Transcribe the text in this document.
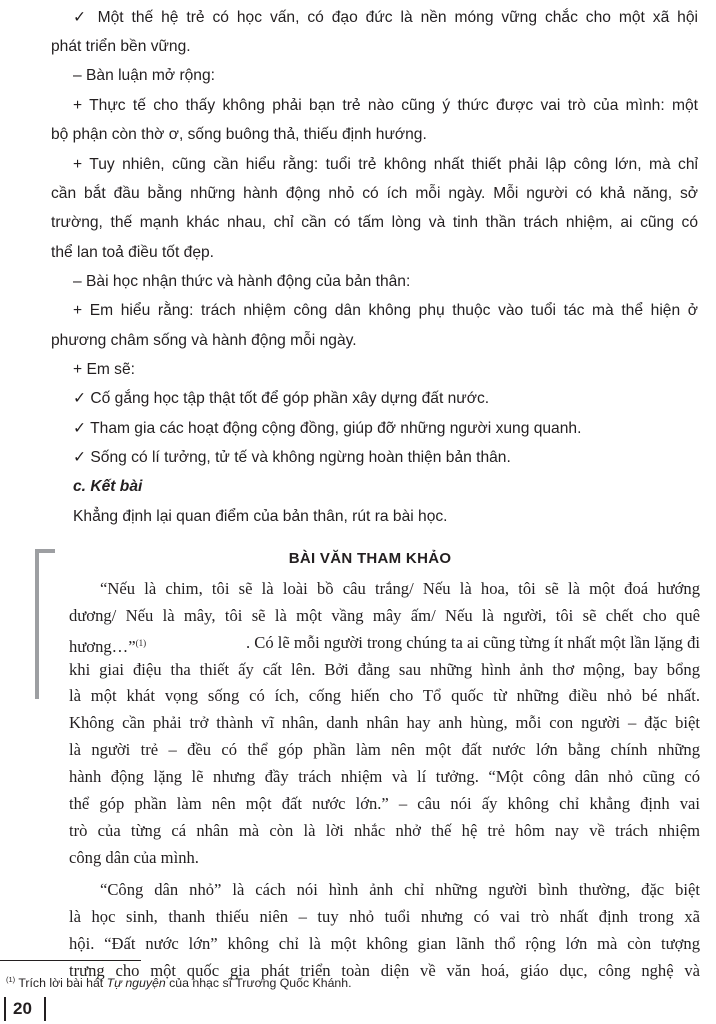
✓ Một thế hệ trẻ có học vấn, có đạo đức là nền móng vững chắc cho một xã hội
phát triển bền vững.
– Bàn luận mở rộng:
+ Thực tế cho thấy không phải bạn trẻ nào cũng ý thức được vai trò của mình: một
bộ phận còn thờ ơ, sống buông thả, thiếu định hướng.
+ Tuy nhiên, cũng cần hiểu rằng: tuổi trẻ không nhất thiết phải lập công lớn, mà chỉ
cần bắt đầu bằng những hành động nhỏ có ích mỗi ngày. Mỗi người có khả năng, sở
trường, thế mạnh khác nhau, chỉ cần có tấm lòng và tinh thần trách nhiệm, ai cũng có
thể lan toả điều tốt đẹp.
– Bài học nhận thức và hành động của bản thân:
+ Em hiểu rằng: trách nhiệm công dân không phụ thuộc vào tuổi tác mà thể hiện ở
phương châm sống và hành động mỗi ngày.
+ Em sẽ:
✓ Cố gắng học tập thật tốt để góp phần xây dựng đất nước.
✓ Tham gia các hoạt động cộng đồng, giúp đỡ những người xung quanh.
✓ Sống có lí tưởng, tử tế và không ngừng hoàn thiện bản thân.
c. Kết bài
Khẳng định lại quan điểm của bản thân, rút ra bài học.
BÀI VĂN THAM KHẢO
“Nếu là chim, tôi sẽ là loài bồ câu trắng/ Nếu là hoa, tôi sẽ là một đoá hướng
dương/ Nếu là mây, tôi sẽ là một vầng mây ấm/ Nếu là người, tôi sẽ chết cho quê
hương…”$^{(1)}$	. Có lẽ mỗi người trong chúng ta ai cũng từng ít nhất một lần lặng đi
khi giai điệu tha thiết ấy cất lên. Bởi đằng sau những hình ảnh thơ mộng, bay bổng
là một khát vọng sống có ích, cống hiến cho Tổ quốc từ những điều nhỏ bé nhất.
Không cần phải trở thành vĩ nhân, danh nhân hay anh hùng, mỗi con người – đặc biệt
là người trẻ – đều có thể góp phần làm nên một đất nước lớn bằng chính những
hành động lặng lẽ nhưng đầy trách nhiệm và lí tưởng. “Một công dân nhỏ cũng có
thể góp phần làm nên một đất nước lớn.” – câu nói ấy không chỉ khẳng định vai
trò của từng cá nhân mà còn là lời nhắc nhở thế hệ trẻ hôm nay về trách nhiệm
công dân của mình.
“Công dân nhỏ” là cách nói hình ảnh chỉ những người bình thường, đặc biệt
là học sinh, thanh thiếu niên – tuy nhỏ tuổi nhưng có vai trò nhất định trong xã
hội. “Đất nước lớn” không chỉ là một không gian lãnh thổ rộng lớn mà còn tượng
trưng cho một quốc gia phát triển toàn diện về văn hoá, giáo dục, công nghệ và
$^{(1)}$ Trích lời bài hát Tự nguyện của nhạc sĩ Trương Quốc Khánh.
20
